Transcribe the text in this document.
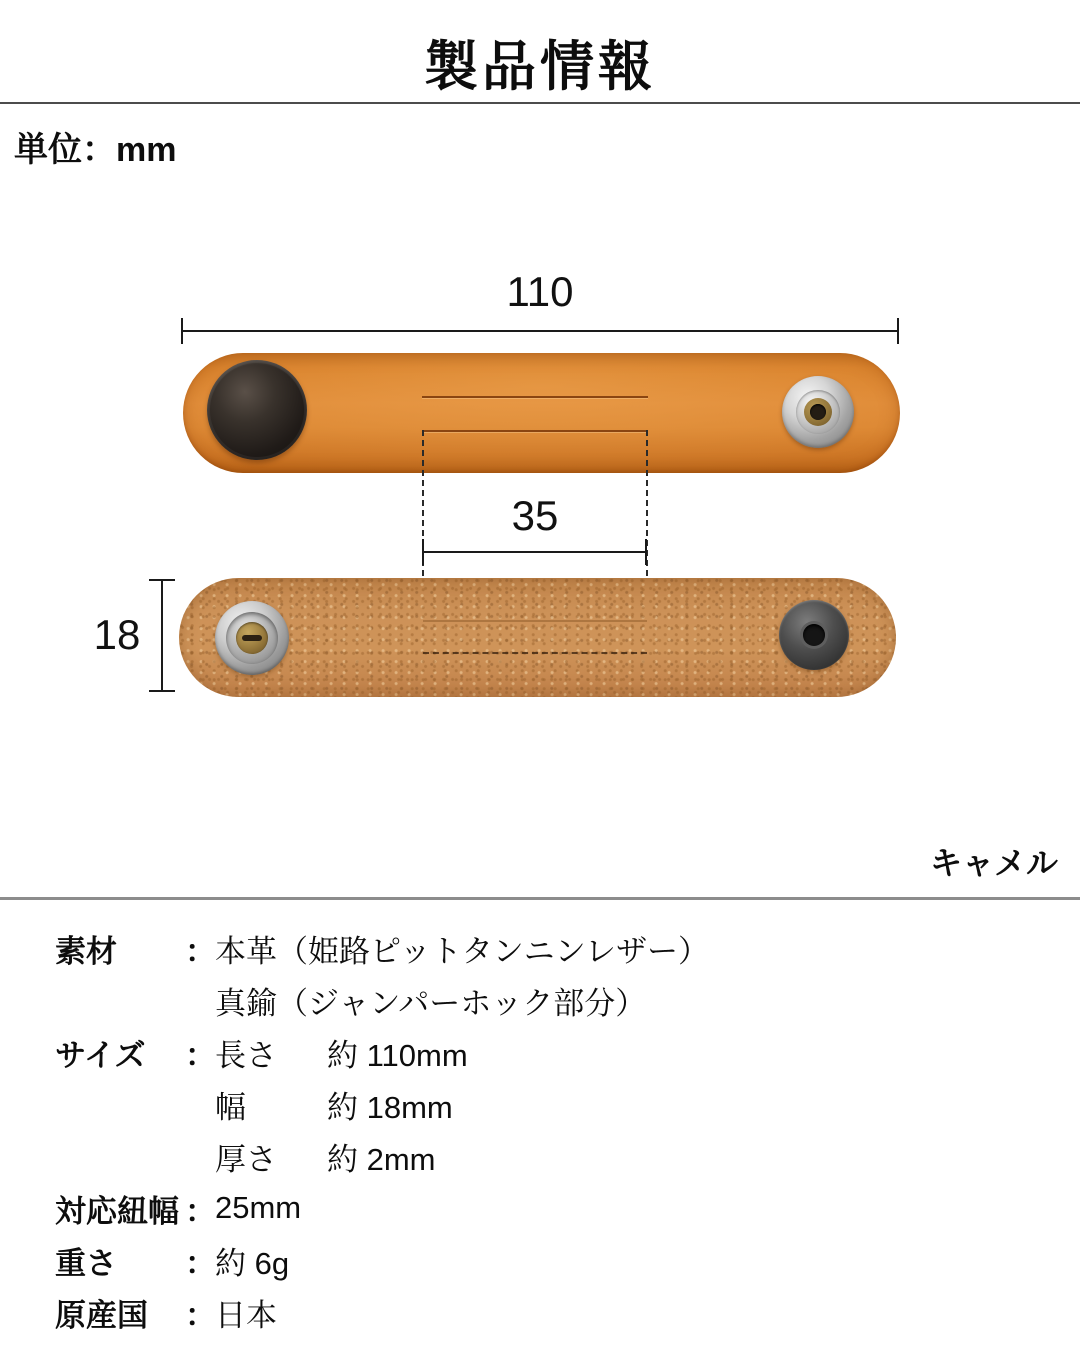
製品情報
単位：mm
110
35
18
キャメル
素材	： 本革（姫路ピットタンニンレザー）
真鍮（ジャンパーホック部分）
サイズ	： 長さ	約 110mm
幅	約 18mm
厚さ	約 2mm
対応紐幅 ： 25mm
重さ	： 約 6g
原産国	： 日本
